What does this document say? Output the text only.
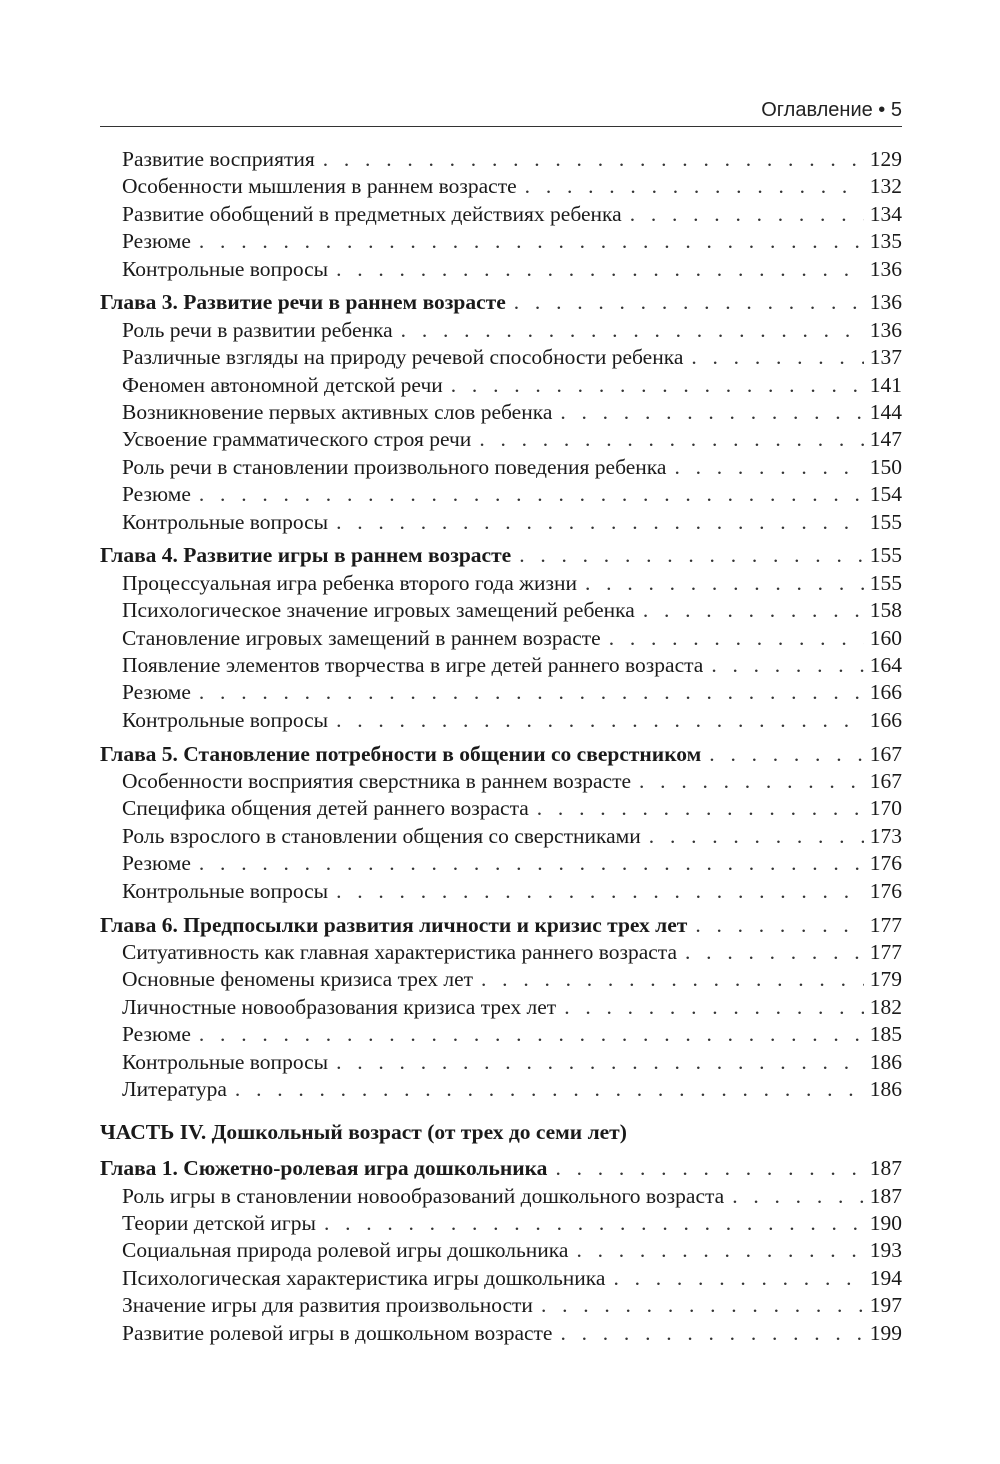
Оглавление • 5
Развитие восприятия . . .	129
Особенности мышления в раннем возрасте . . .	132
Развитие обобщений в предметных действиях ребенка . . .	134
Резюме . . .	135
Контрольные вопросы . . .	136
Глава 3. Развитие речи в раннем возрасте . . .	136
Роль речи в развитии ребенка . . .	136
Различные взгляды на природу речевой способности ребенка . . .	137
Феномен автономной детской речи . . .	141
Возникновение первых активных слов ребенка . . .	144
Усвоение грамматического строя речи . . .	147
Роль речи в становлении произвольного поведения ребенка . . .	150
Резюме . . .	154
Контрольные вопросы . . .	155
Глава 4. Развитие игры в раннем возрасте . . .	155
Процессуальная игра ребенка второго года жизни . . .	155
Психологическое значение игровых замещений ребенка . . .	158
Становление игровых замещений в раннем возрасте . . .	160
Появление элементов творчества в игре детей раннего возраста . . .	164
Резюме . . .	166
Контрольные вопросы . . .	166
Глава 5. Становление потребности в общении со сверстником . . .	167
Особенности восприятия сверстника в раннем возрасте . . .	167
Специфика общения детей раннего возраста . . .	170
Роль взрослого в становлении общения со сверстниками . . .	173
Резюме . . .	176
Контрольные вопросы . . .	176
Глава 6. Предпосылки развития личности и кризис трех лет . . .	177
Ситуативность как главная характеристика раннего возраста . . .	177
Основные феномены кризиса трех лет . . .	179
Личностные новообразования кризиса трех лет . . .	182
Резюме . . .	185
Контрольные вопросы . . .	186
Литература . . .	186
ЧАСТЬ IV. Дошкольный возраст (от трех до семи лет)
Глава 1. Сюжетно-ролевая игра дошкольника . . .	187
Роль игры в становлении новообразований дошкольного возраста . . .	187
Теории детской игры . . .	190
Социальная природа ролевой игры дошкольника . . .	193
Психологическая характеристика игры дошкольника . . .	194
Значение игры для развития произвольности . . .	197
Развитие ролевой игры в дошкольном возрасте . . .	199
